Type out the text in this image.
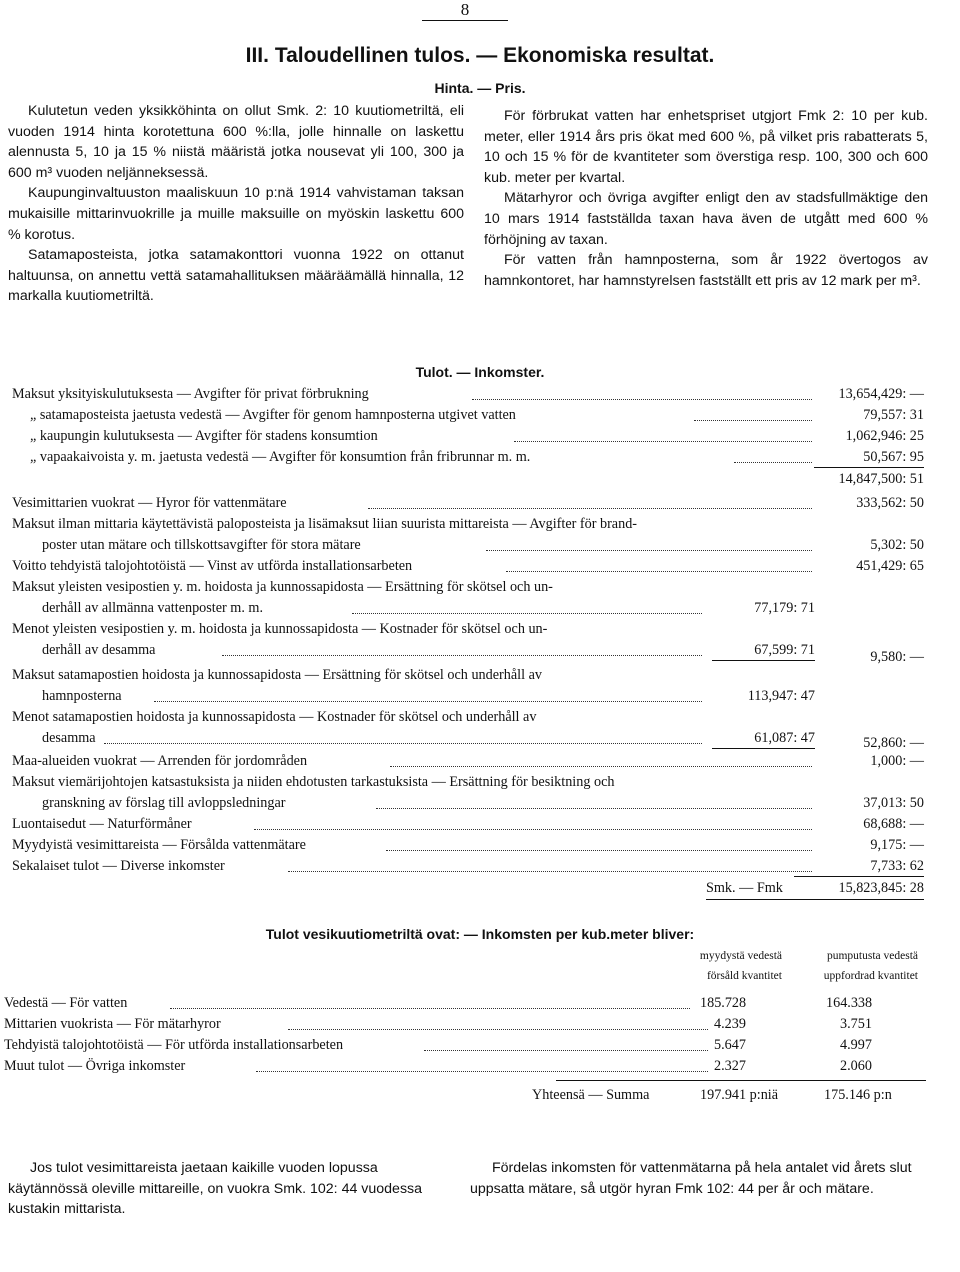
8
III. Taloudellinen tulos. — Ekonomiska resultat.
Hinta. — Pris.

Kulutetun veden yksikköhinta on ollut Smk. 2: 10 kuutiometriltä, eli vuoden 1914 hinta korotettuna 600 %:lla, jolle hinnalle on laskettu alennusta 5, 10 ja 15 % niistä määristä jotka nousevat yli 100, 300 ja 600 m³ vuoden neljänneksessä.

Kaupunginvaltuuston maaliskuun 10 p:nä 1914 vahvistaman taksan mukaisille mittarinvuokrille ja muille maksuille on myöskin laskettu 600 % korotus.

Satamaposteista, jotka satamakonttori vuonna 1922 on ottanut haltuunsa, on annettu vettä satamahallituksen määräämällä hinnalla, 12 markalla kuutiometriltä.

För förbrukat vatten har enhetspriset utgjort Fmk 2: 10 per kub. meter, eller 1914 års pris ökat med 600 %, på vilket pris rabatterats 5, 10 och 15 % för de kvantiteter som överstiga resp. 100, 300 och 600 kub. meter per kvartal.

Mätarhyror och övriga avgifter enligt den av stadsfullmäktige den 10 mars 1914 fastställda taxan hava även de utgått med 600 % förhöjning av taxan.

För vatten från hamnposterna, som år 1922 övertogos av hamnkontoret, har hamnstyrelsen fastställt ett pris av 12 mark per m³.

Tulot. — Inkomster.
Maksut yksityiskulutuksesta — Avgifter för privat förbrukning	13,654,429: —
„ satamaposteista jaetusta vedestä — Avgifter för genom hamnposterna utgivet vatten	79,557: 31
„ kaupungin kulutuksesta — Avgifter för stadens konsumtion	1,062,946: 25
„ vapaakaivoista y. m. jaetusta vedestä — Avgifter för konsumtion från fribrunnar m. m.	50,567: 95
14,847,500: 51
Vesimittarien vuokrat — Hyror för vattenmätare	333,562: 50
Maksut ilman mittaria käytettävistä paloposteista ja lisämaksut liian suurista mittareista — Avgifter för brand-
poster utan mätare och tillskottsavgifter för stora mätare	5,302: 50
Voitto tehdyistä talojohtotöistä — Vinst av utförda installationsarbeten	451,429: 65
Maksut yleisten vesipostien y. m. hoidosta ja kunnossapidosta — Ersättning för skötsel och un-
derhåll av allmänna vattenposter m. m.	77,179: 71
Menot yleisten vesipostien y. m. hoidosta ja kunnossapidosta — Kostnader för skötsel och un-
derhåll av desamma	67,599: 71	9,580: —
Maksut satamapostien hoidosta ja kunnossapidosta — Ersättning för skötsel och underhåll av
hamnposterna	113,947: 47
Menot satamapostien hoidosta ja kunnossapidosta — Kostnader för skötsel och underhåll av
desamma	61,087: 47	52,860: —
Maa-alueiden vuokrat — Arrenden för jordområden	1,000: —
Maksut viemärijohtojen katsastuksista ja niiden ehdotusten tarkastuksista — Ersättning för besiktning och
granskning av förslag till avloppsledningar	37,013: 50
Luontaisedut — Naturförmåner	68,688: —
Myydyistä vesimittareista — Försålda vattenmätare	9,175: —
Sekalaiset tulot — Diverse inkomster	7,733: 62
Smk. — Fmk	15,823,845: 28
Tulot vesikuutiometriltä ovat: — Inkomsten per kub.meter bliver:
myydystä vedestä
försåld kvantitet
pumputusta vedestä
uppfordrad kvantitet
Vedestä — För vatten	185.728	164.338
Mittarien vuokrista — För mätarhyror	4.239	3.751
Tehdyistä talojohtotöistä — För utförda installationsarbeten	5.647	4.997
Muut tulot — Övriga inkomster	2.327	2.060
Yhteensä — Summa	197.941 p:niä	175.146 p:n
Jos tulot vesimittareista jaetaan kaikille vuoden lopussa käytännössä oleville mittareille, on vuokra Smk. 102: 44 vuodessa kustakin mittarista.
Fördelas inkomsten för vattenmätarna på hela antalet vid årets slut uppsatta mätare, så utgör hyran Fmk 102: 44 per år och mätare.
